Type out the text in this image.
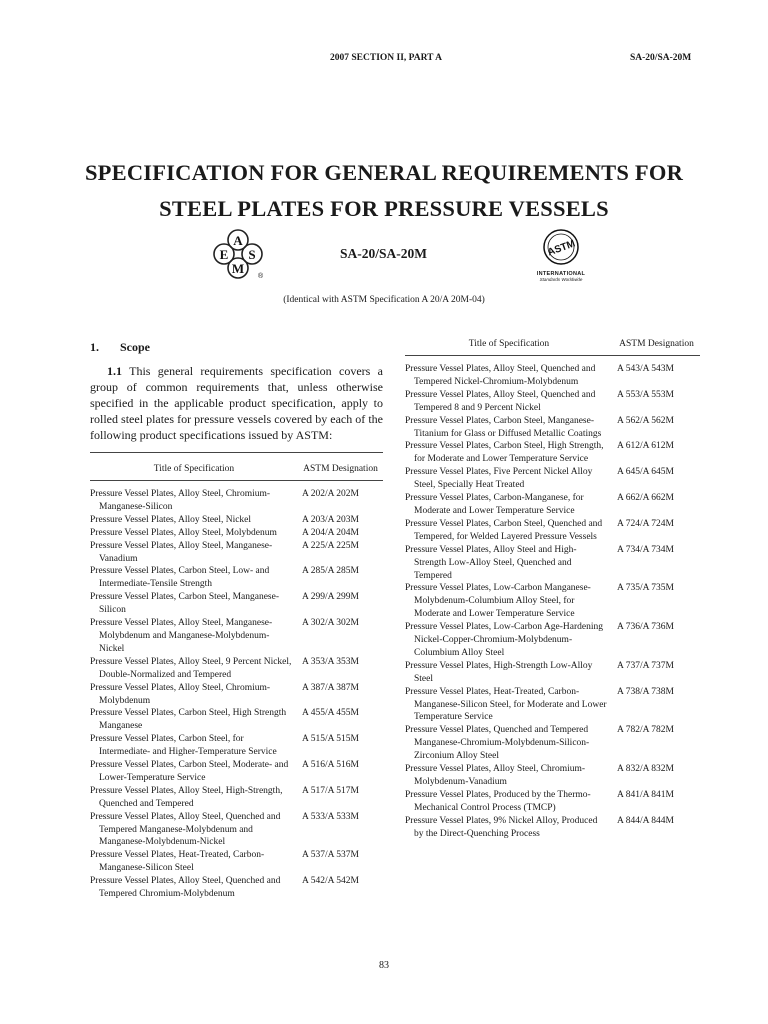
2007 SECTION II, PART A	SA-20/SA-20M
SPECIFICATION FOR GENERAL REQUIREMENTS FOR
STEEL PLATES FOR PRESSURE VESSELS
A
E S
M
®
SA-20/SA-20M	ASTM
INTERNATIONAL
Standards Worldwide
(Identical with ASTM Specification A 20/A 20M-04)
1. Scope

1.1 This general requirements specification covers a group of common requirements that, unless otherwise specified in the applicable product specification, apply to rolled steel plates for pressure vessels covered by each of the following product specifications issued by ASTM:

Title of Specification	ASTM Designation
Pressure Vessel Plates, Alloy Steel, Chromium-Manganese-Silicon	A 202/A 202M
Pressure Vessel Plates, Alloy Steel, Nickel	A 203/A 203M
Pressure Vessel Plates, Alloy Steel, Molybdenum	A 204/A 204M
Pressure Vessel Plates, Alloy Steel, Manganese-Vanadium	A 225/A 225M
Pressure Vessel Plates, Carbon Steel, Low- and Intermediate-Tensile Strength	A 285/A 285M
Pressure Vessel Plates, Carbon Steel, Manganese-Silicon	A 299/A 299M
Pressure Vessel Plates, Alloy Steel, Manganese-Molybdenum and Manganese-Molybdenum-Nickel	A 302/A 302M
Pressure Vessel Plates, Alloy Steel, 9 Percent Nickel, Double-Normalized and Tempered	A 353/A 353M
Pressure Vessel Plates, Alloy Steel, Chromium-Molybdenum	A 387/A 387M
Pressure Vessel Plates, Carbon Steel, High Strength Manganese	A 455/A 455M
Pressure Vessel Plates, Carbon Steel, for Intermediate- and Higher-Temperature Service	A 515/A 515M
Pressure Vessel Plates, Carbon Steel, Moderate- and Lower-Temperature Service	A 516/A 516M
Pressure Vessel Plates, Alloy Steel, High-Strength, Quenched and Tempered	A 517/A 517M
Pressure Vessel Plates, Alloy Steel, Quenched and Tempered Manganese-Molybdenum and Manganese-Molybdenum-Nickel	A 533/A 533M
Pressure Vessel Plates, Heat-Treated, Carbon-Manganese-Silicon Steel	A 537/A 537M
Pressure Vessel Plates, Alloy Steel, Quenched and Tempered Chromium-Molybdenum	A 542/A 542M
Title of Specification	ASTM Designation
Pressure Vessel Plates, Alloy Steel, Quenched and Tempered Nickel-Chromium-Molybdenum	A 543/A 543M
Pressure Vessel Plates, Alloy Steel, Quenched and Tempered 8 and 9 Percent Nickel	A 553/A 553M
Pressure Vessel Plates, Carbon Steel, Manganese-Titanium for Glass or Diffused Metallic Coatings	A 562/A 562M
Pressure Vessel Plates, Carbon Steel, High Strength, for Moderate and Lower Temperature Service	A 612/A 612M
Pressure Vessel Plates, Five Percent Nickel Alloy Steel, Specially Heat Treated	A 645/A 645M
Pressure Vessel Plates, Carbon-Manganese, for Moderate and Lower Temperature Service	A 662/A 662M
Pressure Vessel Plates, Carbon Steel, Quenched and Tempered, for Welded Layered Pressure Vessels	A 724/A 724M
Pressure Vessel Plates, Alloy Steel and High-Strength Low-Alloy Steel, Quenched and Tempered	A 734/A 734M
Pressure Vessel Plates, Low-Carbon Manganese-Molybdenum-Columbium Alloy Steel, for Moderate and Lower Temperature Service	A 735/A 735M
Pressure Vessel Plates, Low-Carbon Age-Hardening Nickel-Copper-Chromium-Molybdenum-Columbium Alloy Steel	A 736/A 736M
Pressure Vessel Plates, High-Strength Low-Alloy Steel	A 737/A 737M
Pressure Vessel Plates, Heat-Treated, Carbon-Manganese-Silicon Steel, for Moderate and Lower Temperature Service	A 738/A 738M
Pressure Vessel Plates, Quenched and Tempered Manganese-Chromium-Molybdenum-Silicon-Zirconium Alloy Steel	A 782/A 782M
Pressure Vessel Plates, Alloy Steel, Chromium-Molybdenum-Vanadium	A 832/A 832M
Pressure Vessel Plates, Produced by the Thermo-Mechanical Control Process (TMCP)	A 841/A 841M
Pressure Vessel Plates, 9% Nickel Alloy, Produced by the Direct-Quenching Process	A 844/A 844M
83
